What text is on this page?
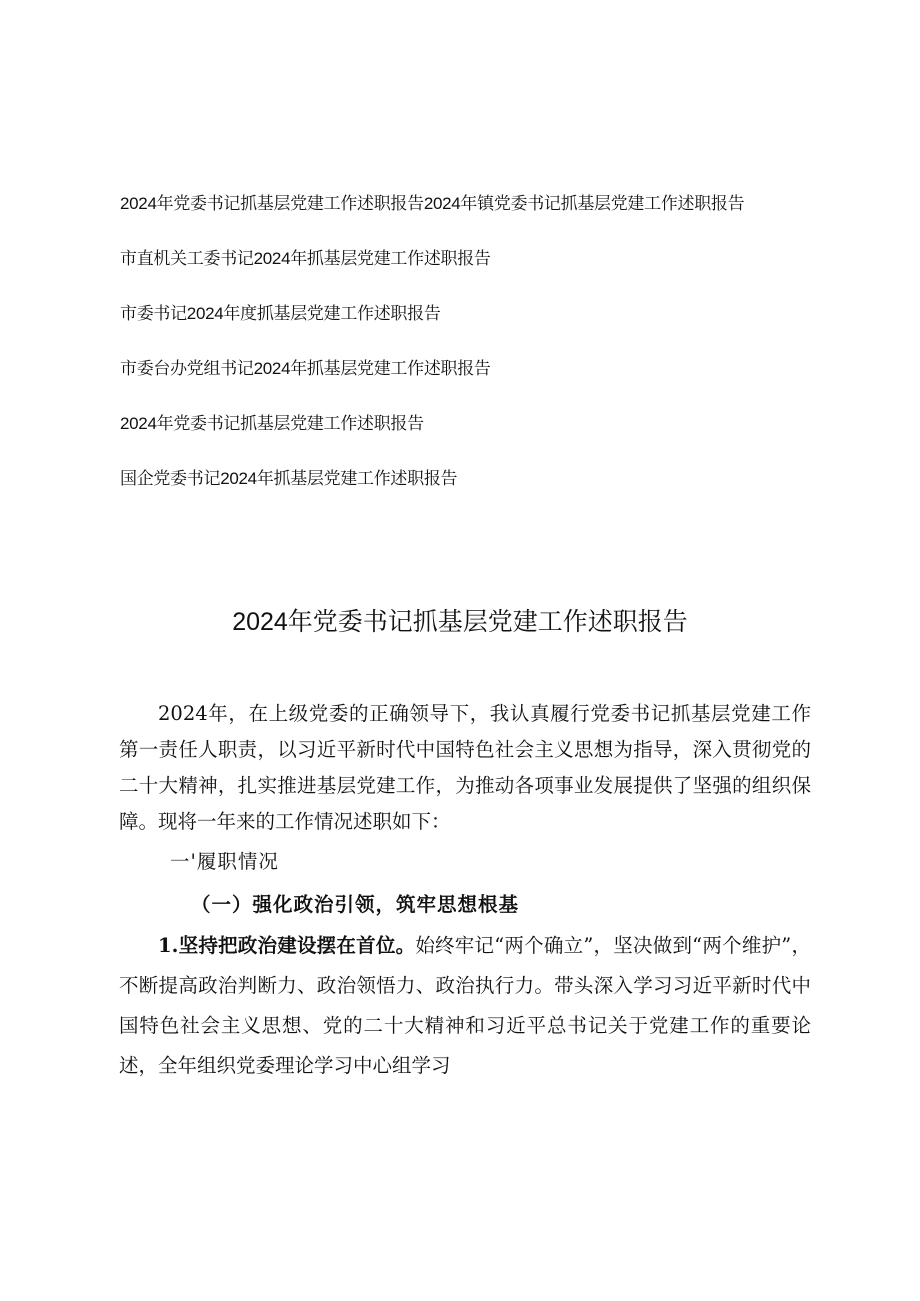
2024年党委书记抓基层党建工作述职报告2024年镇党委书记抓基层党建工作述职报告
市直机关工委书记2024年抓基层党建工作述职报告
市委书记2024年度抓基层党建工作述职报告
市委台办党组书记2024年抓基层党建工作述职报告
2024年党委书记抓基层党建工作述职报告
国企党委书记2024年抓基层党建工作述职报告
2024年党委书记抓基层党建工作述职报告

2024年，在上级党委的正确领导下，我认真履行党委书记抓基层党建工作第一责任人职责，以习近平新时代中国特色社会主义思想为指导，深入贯彻党的二十大精神，扎实推进基层党建工作，为推动各项事业发展提供了坚强的组织保障。现将一年来的工作情况述职如下：

一'履职情况

（一）强化政治引领，筑牢思想根基

1.坚持把政治建设摆在首位。始终牢记“两个确立”，坚决做到“两个维护”，不断提高政治判断力、政治领悟力、政治执行力。带头深入学习习近平新时代中国特色社会主义思想、党的二十大精神和习近平总书记关于党建工作的重要论述，全年组织党委理论学习中心组学习
